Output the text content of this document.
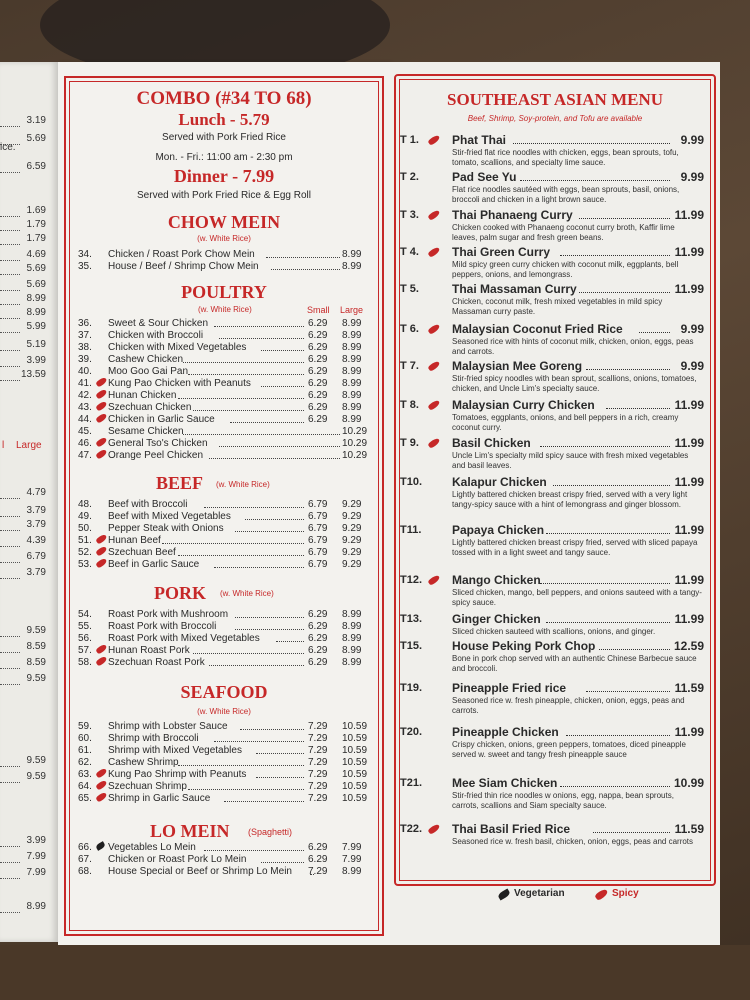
3.19
5.69
6.59
1.69
1.79
1.79
4.69
5.69
5.69
8.99
8.99
5.99
5.19
3.99
13.59
ice.
l Large
4.79
3.79
3.79
4.39
6.79
3.79
9.59
8.59
8.59
9.59
9.59
9.59
3.99
7.99
7.99
8.99
COMBO (#34 TO 68)
Lunch - 5.79
Served with Pork Fried Rice
Mon. - Fri.: 11:00 am - 2:30 pm
Dinner - 7.99
Served with Pork Fried Rice & Egg Roll
CHOW MEIN
(w. White Rice)
34.	Chicken / Roast Pork Chow Mein	8.99
35.	House / Beef / Shrimp Chow Mein	8.99
POULTRY
(w. White Rice)	Small Large
36.	Sweet & Sour Chicken	6.29 8.99
37.	Chicken with Broccoli	6.29 8.99
38.	Chicken with Mixed Vegetables	6.29 8.99
39.	Cashew Chicken	6.29 8.99
40.	Moo Goo Gai Pan	6.29 8.99
41.	Kung Pao Chicken with Peanuts	6.29 8.99
42.	Hunan Chicken	6.29 8.99
43.	Szechuan Chicken	6.29 8.99
44.	Chicken in Garlic Sauce	6.29 8.99
45.	Sesame Chicken	10.29
46.	General Tso's Chicken	10.29
47.	Orange Peel Chicken	10.29
BEEF (w. White Rice)
48.	Beef with Broccoli	6.79 9.29
49.	Beef with Mixed Vegetables	6.79 9.29
50.	Pepper Steak with Onions	6.79 9.29
51.	Hunan Beef	6.79 9.29
52.	Szechuan Beef	6.79 9.29
53.	Beef in Garlic Sauce	6.79 9.29
PORK (w. White Rice)
54.	Roast Pork with Mushroom	6.29 8.99
55.	Roast Pork with Broccoli	6.29 8.99
56.	Roast Pork with Mixed Vegetables	6.29 8.99
57.	Hunan Roast Pork	6.29 8.99
58.	Szechuan Roast Pork	6.29 8.99
SEAFOOD
(w. White Rice)
59.	Shrimp with Lobster Sauce	7.29 10.59
60.	Shrimp with Broccoli	7.29 10.59
61.	Shrimp with Mixed Vegetables	7.29 10.59
62.	Cashew Shrimp	7.29 10.59
63.	Kung Pao Shrimp with Peanuts	7.29 10.59
64.	Szechuan Shrimp	7.29 10.59
65.	Shrimp in Garlic Sauce	7.29 10.59
LO MEIN (Spaghetti)
66.	Vegetables Lo Mein	6.29 7.99
67.	Chicken or Roast Pork Lo Mein	6.29 7.99
68.	House Special or Beef or Shrimp Lo Mein 7.29 8.99
SOUTHEAST ASIAN MENU
Beef, Shrimp, Soy-protein, and Tofu are available
T 1.	Phat Thai	9.99
Stir-fried flat rice noodles with chicken, eggs, bean sprouts, tofu, tomato, scallions, and specialty lime sauce.
T 2.	Pad See Yu	9.99
Flat rice noodles sautéed with eggs, bean sprouts, basil, onions, broccoli and chicken in a light brown sauce.
T 3.	Thai Phanaeng Curry	11.99
Chicken cooked with Phanaeng coconut curry broth, Kaffir lime leaves, palm sugar and fresh green beans.
T 4.	Thai Green Curry	11.99
Mild spicy green curry chicken with coconut milk, eggplants, bell peppers, onions, and lemongrass.
T 5.	Thai Massaman Curry	11.99
Chicken, coconut milk, fresh mixed vegetables in mild spicy Massaman curry paste.
T 6.	Malaysian Coconut Fried Rice	9.99
Seasoned rice with hints of coconut milk, chicken, onion, eggs, peas and carrots.
T 7.	Malaysian Mee Goreng	9.99
Stir-fried spicy noodles with bean sprout, scallions, onions, tomatoes, chicken, and Uncle Lim's specialty sauce.
T 8.	Malaysian Curry Chicken	11.99
Tomatoes, eggplants, onions, and bell peppers in a rich, creamy coconut curry.
T 9.	Basil Chicken	11.99
Uncle Lim's specialty mild spicy sauce with fresh mixed vegetables and basil leaves.
T10. Kalapur Chicken	11.99
Lightly battered chicken breast crispy fried, served with a very light tangy-spicy sauce with a hint of lemongrass and ginger blossom.
T11.	Papaya Chicken	11.99
Lightly battered chicken breast crispy fried, served with sliced papaya tossed with in a light sweet and tangy sauce.
T12. Mango Chicken	11.99
Sliced chicken, mango, bell peppers, and onions sauteed with a tangy-spicy sauce.
T13. Ginger Chicken	11.99
Sliced chicken sauteed with scallions, onions, and ginger.
T15. House Peking Pork Chop	12.59
Bone in pork chop served with an authentic Chinese Barbecue sauce and broccoli.
T19. Pineapple Fried rice	11.59
Seasoned rice w. fresh pineapple, chicken, onion, eggs, peas and carrots.
T20. Pineapple Chicken	11.99
Crispy chicken, onions, green peppers, tomatoes, diced pineapple served w. sweet and tangy fresh pineapple sauce
T21. Mee Siam Chicken	10.99
Stir-fried thin rice noodles w onions, egg, nappa, bean sprouts, carrots, scallions and Siam specialty sauce.
T22. Thai Basil Fried Rice	11.59
Seasoned rice w. fresh basil, chicken, onion, eggs, peas and carrots
Vegetarian	Spicy
